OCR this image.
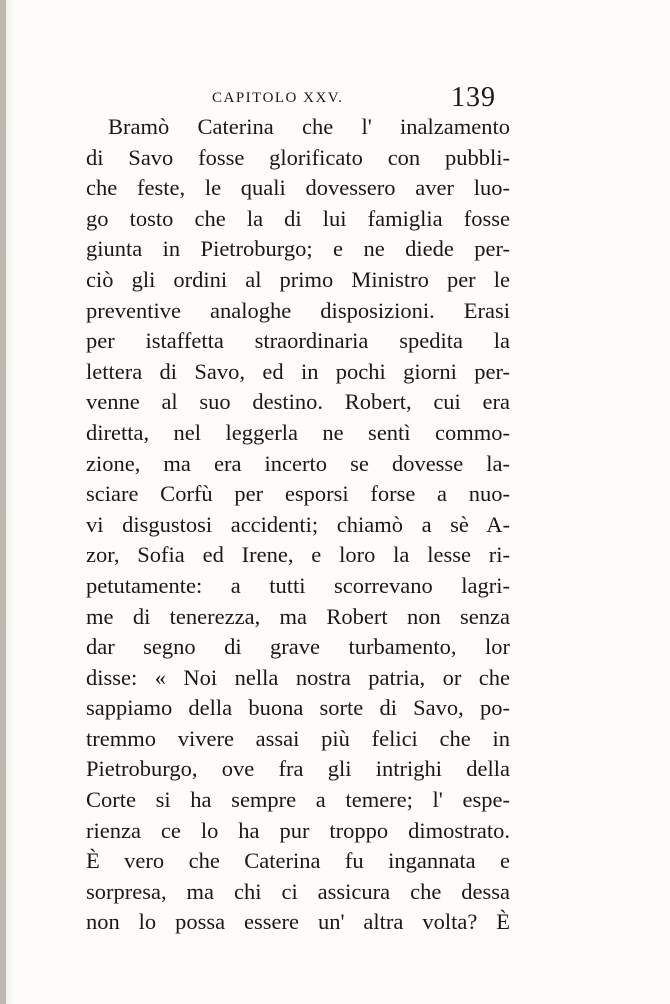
CAPITOLO XXV.	139
Bramò Caterina che l' inalzamento
di Savo fosse glorificato con pubbli-
che feste, le quali dovessero aver luo-
go tosto che la di lui famiglia fosse
giunta in Pietroburgo; e ne diede per-
ciò gli ordini al primo Ministro per le
preventive analoghe disposizioni. Erasi
per istaffetta straordinaria spedita la
lettera di Savo, ed in pochi giorni per-
venne al suo destino. Robert, cui era
diretta, nel leggerla ne sentì commo-
zione, ma era incerto se dovesse la-
sciare Corfù per esporsi forse a nuo-
vi disgustosi accidenti; chiamò a sè A-
zor, Sofia ed Irene, e loro la lesse ri-
petutamente: a tutti scorrevano lagri-
me di tenerezza, ma Robert non senza
dar segno di grave turbamento, lor
disse: « Noi nella nostra patria, or che
sappiamo della buona sorte di Savo, po-
tremmo vivere assai più felici che in
Pietroburgo, ove fra gli intrighi della
Corte si ha sempre a temere; l' espe-
rienza ce lo ha pur troppo dimostrato.
È vero che Caterina fu ingannata e
sorpresa, ma chi ci assicura che dessa
non lo possa essere un' altra volta? È
